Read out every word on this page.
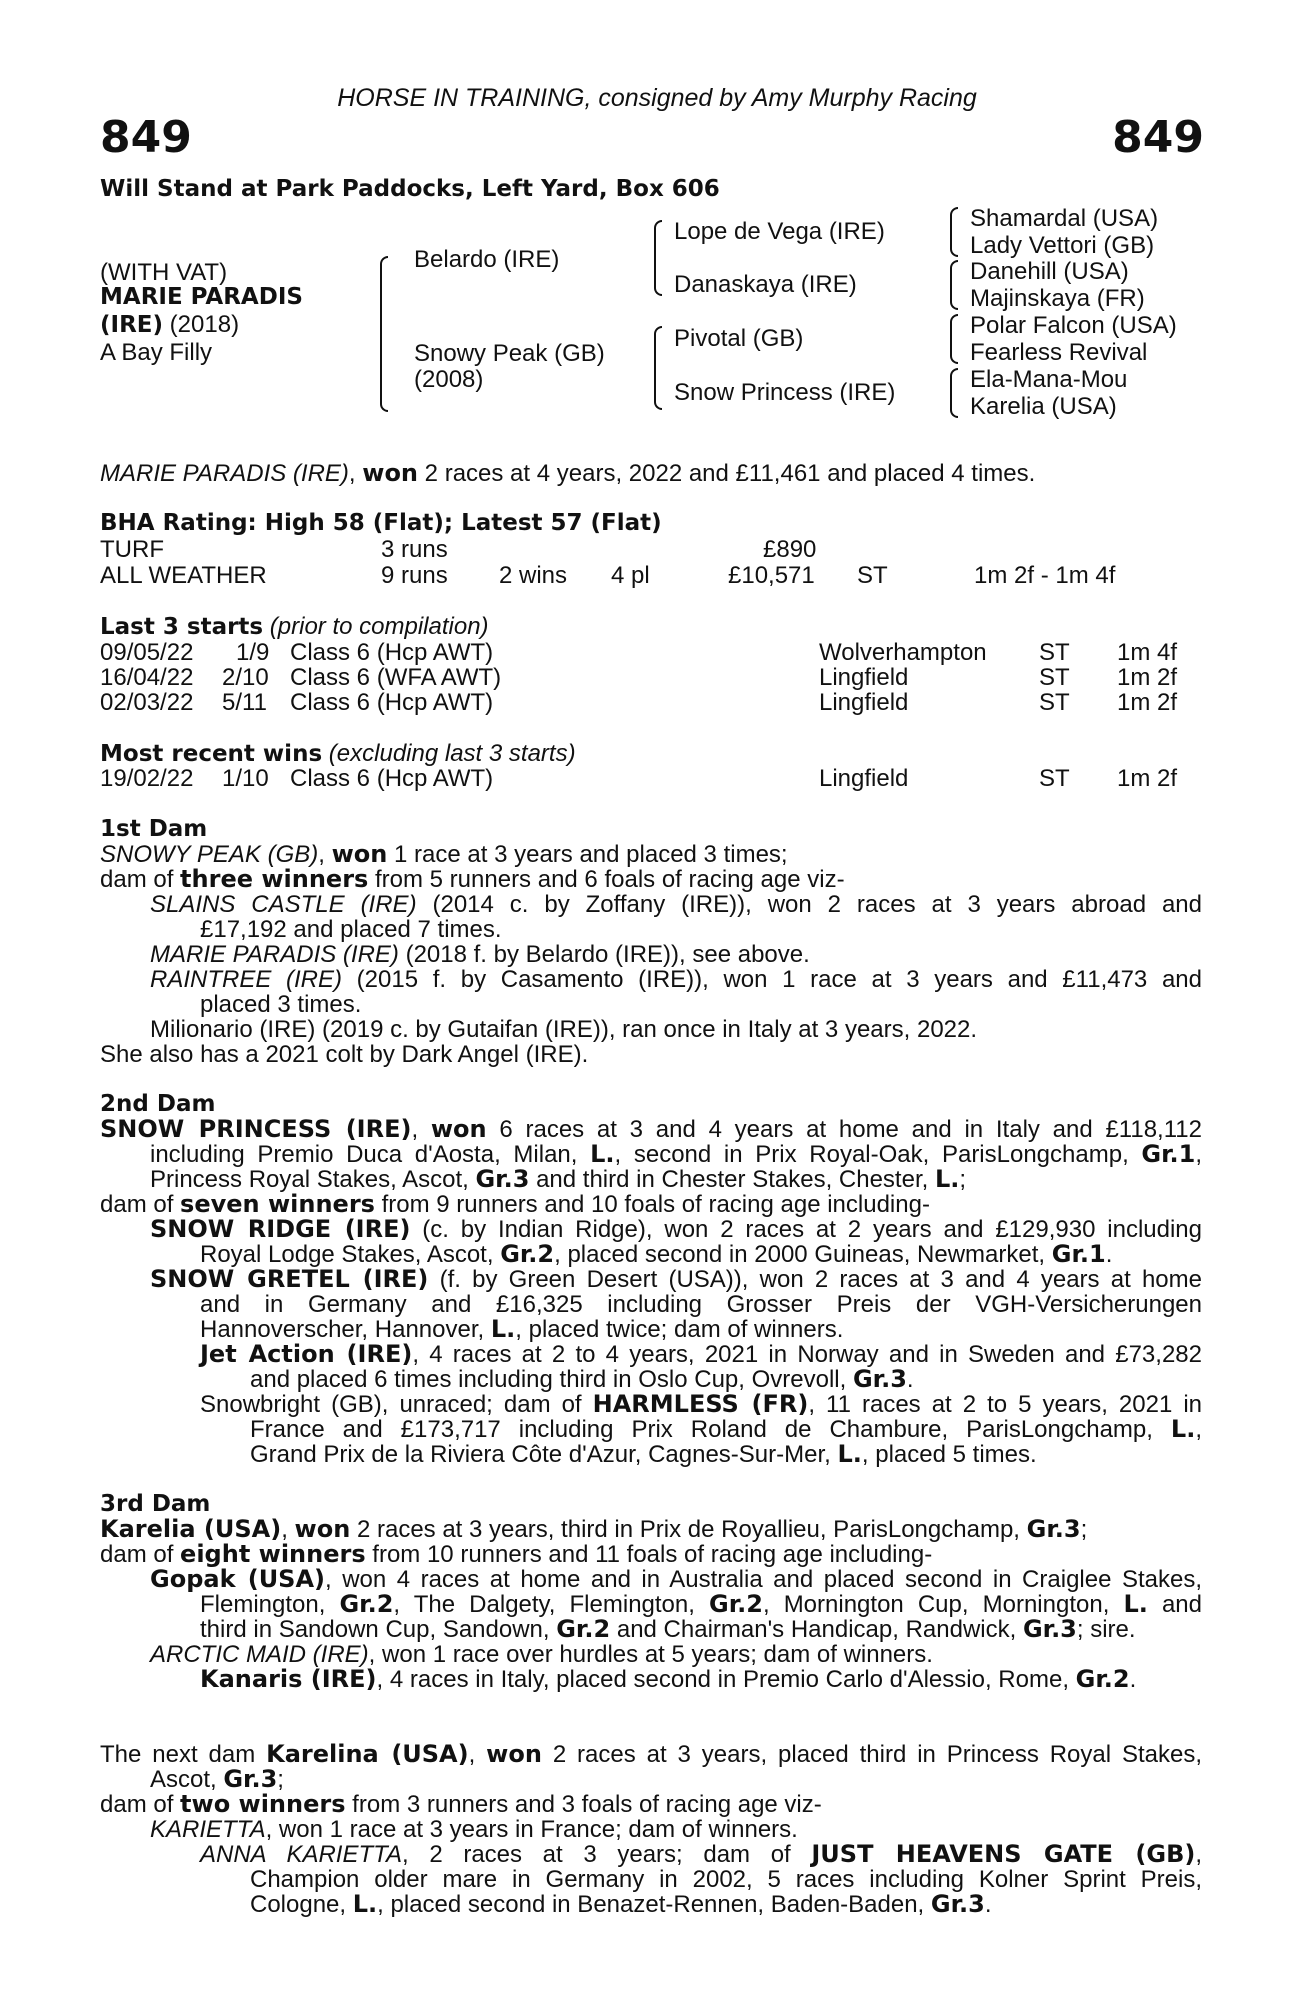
HORSE IN TRAINING, consigned by Amy Murphy Racing
849	849
Will Stand at Park Paddocks, Left Yard, Box 606
(WITH VAT)
MARIE PARADIS
(IRE) (2018)
A Bay Filly
Belardo (IRE)
Snowy Peak (GB)
(2008)
Lope de Vega (IRE)
Danaskaya (IRE)
Pivotal (GB)
Snow Princess (IRE)
Shamardal (USA)
Lady Vettori (GB)
Danehill (USA)
Majinskaya (FR)
Polar Falcon (USA)
Fearless Revival
Ela-Mana-Mou
Karelia (USA)
MARIE PARADIS (IRE), won 2 races at 4 years, 2022 and £11,461 and placed 4 times.
BHA Rating: High 58 (Flat); Latest 57 (Flat)
TURF	3 runs	£890
ALL WEATHER	9 runs 2 wins 4 pl	£10,571 ST	1m 2f - 1m 4f
Last 3 starts (prior to compilation)
09/05/22 1/9 Class 6 (Hcp AWT)	Wolverhampton ST 1m 4f
16/04/22 2/10 Class 6 (WFA AWT)	Lingfield	ST 1m 2f
02/03/22 5/11 Class 6 (Hcp AWT)	Lingfield	ST 1m 2f
Most recent wins (excluding last 3 starts)
19/02/22 1/10 Class 6 (Hcp AWT)	Lingfield	ST 1m 2f
1st Dam
SNOWY PEAK (GB), won 1 race at 3 years and placed 3 times;
dam of three winners from 5 runners and 6 foals of racing age viz-
SLAINS CASTLE (IRE) (2014 c. by Zoffany (IRE)), won 2 races at 3 years abroad and
£17,192 and placed 7 times.
MARIE PARADIS (IRE) (2018 f. by Belardo (IRE)), see above.
RAINTREE (IRE) (2015 f. by Casamento (IRE)), won 1 race at 3 years and £11,473 and
placed 3 times.
Milionario (IRE) (2019 c. by Gutaifan (IRE)), ran once in Italy at 3 years, 2022.
She also has a 2021 colt by Dark Angel (IRE).
2nd Dam
SNOW PRINCESS (IRE), won 6 races at 3 and 4 years at home and in Italy and £118,112
including Premio Duca d'Aosta, Milan, L., second in Prix Royal-Oak, ParisLongchamp, Gr.1,
Princess Royal Stakes, Ascot, Gr.3 and third in Chester Stakes, Chester, L.;
dam of seven winners from 9 runners and 10 foals of racing age including-
SNOW RIDGE (IRE) (c. by Indian Ridge), won 2 races at 2 years and £129,930 including
Royal Lodge Stakes, Ascot, Gr.2, placed second in 2000 Guineas, Newmarket, Gr.1.
SNOW GRETEL (IRE) (f. by Green Desert (USA)), won 2 races at 3 and 4 years at home
and in Germany and £16,325 including Grosser Preis der VGH-Versicherungen
Hannoverscher, Hannover, L., placed twice; dam of winners.
Jet Action (IRE), 4 races at 2 to 4 years, 2021 in Norway and in Sweden and £73,282
and placed 6 times including third in Oslo Cup, Ovrevoll, Gr.3.
Snowbright (GB), unraced; dam of HARMLESS (FR), 11 races at 2 to 5 years, 2021 in
France and £173,717 including Prix Roland de Chambure, ParisLongchamp, L.,
Grand Prix de la Riviera Côte d'Azur, Cagnes-Sur-Mer, L., placed 5 times.
3rd Dam
Karelia (USA), won 2 races at 3 years, third in Prix de Royallieu, ParisLongchamp, Gr.3;
dam of eight winners from 10 runners and 11 foals of racing age including-
Gopak (USA), won 4 races at home and in Australia and placed second in Craiglee Stakes,
Flemington, Gr.2, The Dalgety, Flemington, Gr.2, Mornington Cup, Mornington, L. and
third in Sandown Cup, Sandown, Gr.2 and Chairman's Handicap, Randwick, Gr.3; sire.
ARCTIC MAID (IRE), won 1 race over hurdles at 5 years; dam of winners.
Kanaris (IRE), 4 races in Italy, placed second in Premio Carlo d'Alessio, Rome, Gr.2.
The next dam Karelina (USA), won 2 races at 3 years, placed third in Princess Royal Stakes,
Ascot, Gr.3;
dam of two winners from 3 runners and 3 foals of racing age viz-
KARIETTA, won 1 race at 3 years in France; dam of winners.
ANNA KARIETTA, 2 races at 3 years; dam of JUST HEAVENS GATE (GB),
Champion older mare in Germany in 2002, 5 races including Kolner Sprint Preis,
Cologne, L., placed second in Benazet-Rennen, Baden-Baden, Gr.3.
